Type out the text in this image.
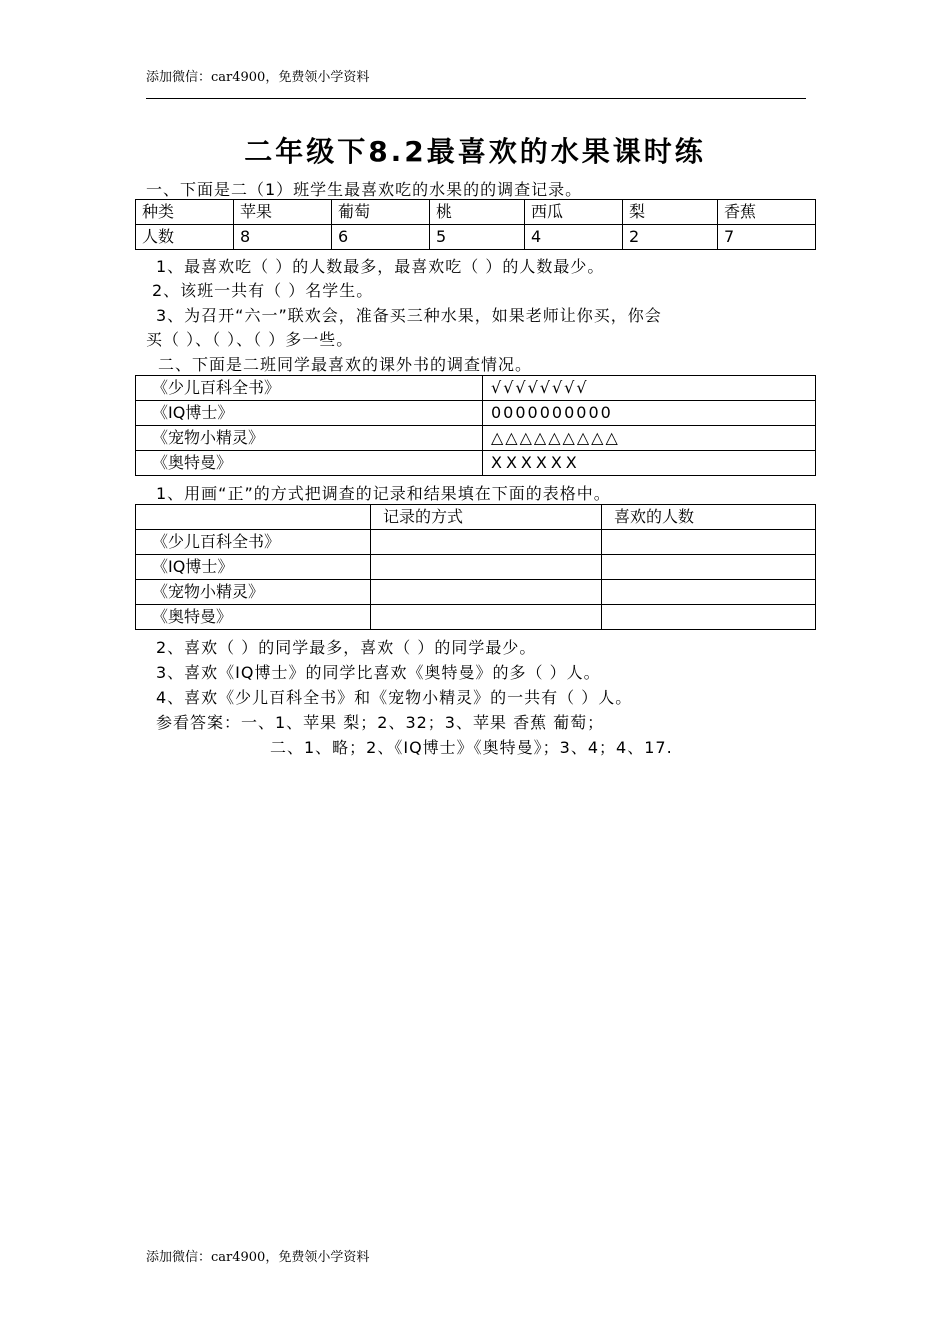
添加微信：car4900，免费领小学资料
二年级下8.2最喜欢的水果课时练
一、下面是二（1）班学生最喜欢吃的水果的的调查记录。
种类	苹果	葡萄	桃	西瓜	梨	香蕉
人数	8	6	5	4	2	7
1、最喜欢吃（ ）的人数最多，最喜欢吃（ ）的人数最少。
2、该班一共有（ ）名学生。
3、为召开“六一”联欢会，准备买三种水果，如果老师让你买，你会
买（ ）、（ ）、（ ）多一些。
二、下面是二班同学最喜欢的课外书的调查情况。
《少儿百科全书》	√√√√√√√√
《IQ博士》	0000000000
《宠物小精灵》	△△△△△△△△△
《奥特曼》	XXXXXX
1、用画“正”的方式把调查的记录和结果填在下面的表格中。
	记录的方式	喜欢的人数
《少儿百科全书》		
《IQ博士》		
《宠物小精灵》		
《奥特曼》		
2、喜欢（ ）的同学最多，喜欢（ ）的同学最少。
3、喜欢《IQ博士》的同学比喜欢《奥特曼》的多（ ）人。
4、喜欢《少儿百科全书》和《宠物小精灵》的一共有（ ）人。
参看答案：一、1、苹果 梨；2、32；3、苹果 香蕉 葡萄；
二、1、略；2、《IQ博士》《奥特曼》；3、4；4、17.
添加微信：car4900，免费领小学资料
